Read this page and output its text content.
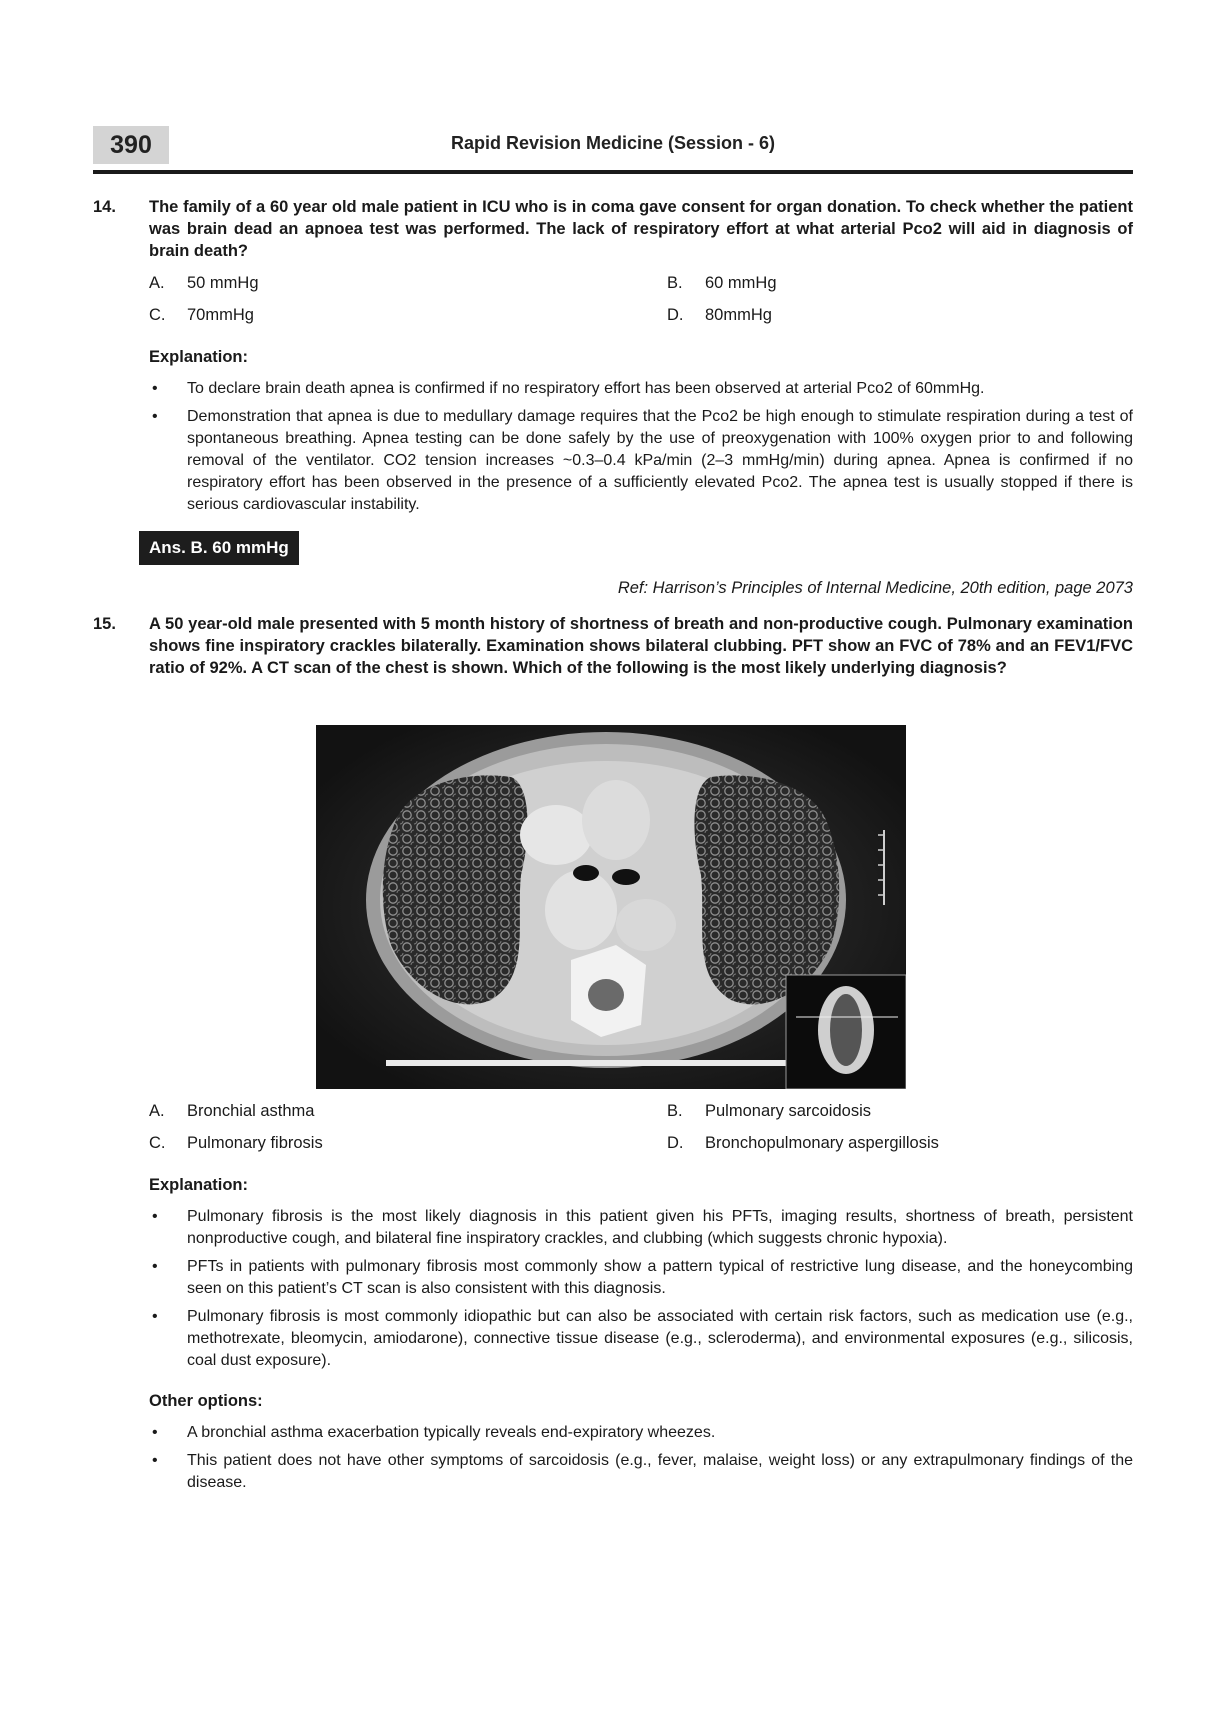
390	Rapid Revision Medicine (Session - 6)
14. The family of a 60 year old male patient in ICU who is in coma gave consent for organ donation. To check whether the patient was brain dead an apnoea test was performed. The lack of respiratory effort at what arterial Pco2 will aid in diagnosis of brain death?
A. 50 mmHg	B. 60 mmHg
C. 70mmHg	D. 80mmHg
Explanation:
• To declare brain death apnea is confirmed if no respiratory effort has been observed at arterial Pco2 of 60mmHg.
• Demonstration that apnea is due to medullary damage requires that the Pco2 be high enough to stimulate respiration during a test of spontaneous breathing. Apnea testing can be done safely by the use of preoxygenation with 100% oxygen prior to and following removal of the ventilator. CO2 tension increases ~0.3–0.4 kPa/min (2–3 mmHg/min) during apnea. Apnea is confirmed if no respiratory effort has been observed in the presence of a sufficiently elevated Pco2. The apnea test is usually stopped if there is serious cardiovascular instability.
Ans. B. 60 mmHg
Ref: Harrison’s Principles of Internal Medicine, 20th edition, page 2073
15. A 50 year-old male presented with 5 month history of shortness of breath and non-productive cough. Pulmonary examination shows fine inspiratory crackles bilaterally. Examination shows bilateral clubbing. PFT show an FVC of 78% and an FEV1/FVC ratio of 92%. A CT scan of the chest is shown. Which of the following is the most likely underlying diagnosis?
A. Bronchial asthma	B. Pulmonary sarcoidosis
C. Pulmonary fibrosis	D. Bronchopulmonary aspergillosis
Explanation:
• Pulmonary fibrosis is the most likely diagnosis in this patient given his PFTs, imaging results, shortness of breath, persistent nonproductive cough, and bilateral fine inspiratory crackles, and clubbing (which suggests chronic hypoxia).
• PFTs in patients with pulmonary fibrosis most commonly show a pattern typical of restrictive lung disease, and the honeycombing seen on this patient’s CT scan is also consistent with this diagnosis.
• Pulmonary fibrosis is most commonly idiopathic but can also be associated with certain risk factors, such as medication use (e.g., methotrexate, bleomycin, amiodarone), connective tissue disease (e.g., scleroderma), and environmental exposures (e.g., silicosis, coal dust exposure).
Other options:
• A bronchial asthma exacerbation typically reveals end-expiratory wheezes.
• This patient does not have other symptoms of sarcoidosis (e.g., fever, malaise, weight loss) or any extrapulmonary findings of the disease.
